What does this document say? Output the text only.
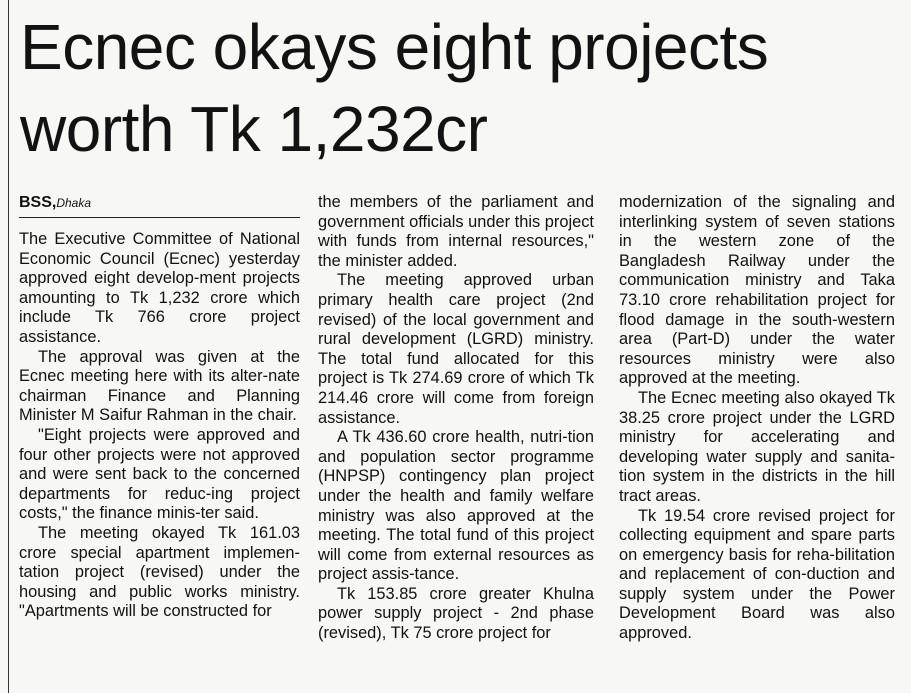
Ecnec okays eight projects worth Tk 1,232cr
BSS,Dhaka

The Executive Committee of National Economic Council (Ecnec) yesterday approved eight develop-ment projects amounting to Tk 1,232 crore which include Tk 766 crore project assistance.

The approval was given at the Ecnec meeting here with its alter-nate chairman Finance and Planning Minister M Saifur Rahman in the chair.

"Eight projects were approved and four other projects were not approved and were sent back to the concerned departments for reduc-ing project costs," the finance minis-ter said.

The meeting okayed Tk 161.03 crore special apartment implemen-tation project (revised) under the housing and public works ministry. "Apartments will be constructed for

the members of the parliament and government officials under this project with funds from internal resources," the minister added.

The meeting approved urban primary health care project (2nd revised) of the local government and rural development (LGRD) ministry. The total fund allocated for this project is Tk 274.69 crore of which Tk 214.46 crore will come from foreign assistance.

A Tk 436.60 crore health, nutri-tion and population sector programme (HNPSP) contingency plan project under the health and family welfare ministry was also approved at the meeting. The total fund of this project will come from external resources as project assis-tance.

Tk 153.85 crore greater Khulna power supply project - 2nd phase (revised), Tk 75 crore project for

modernization of the signaling and interlinking system of seven stations in the western zone of the Bangladesh Railway under the communication ministry and Taka 73.10 crore rehabilitation project for flood damage in the south-western area (Part-D) under the water resources ministry were also approved at the meeting.

The Ecnec meeting also okayed Tk 38.25 crore project under the LGRD ministry for accelerating and developing water supply and sanita-tion system in the districts in the hill tract areas.

Tk 19.54 crore revised project for collecting equipment and spare parts on emergency basis for reha-bilitation and replacement of con-duction and supply system under the Power Development Board was also approved.
